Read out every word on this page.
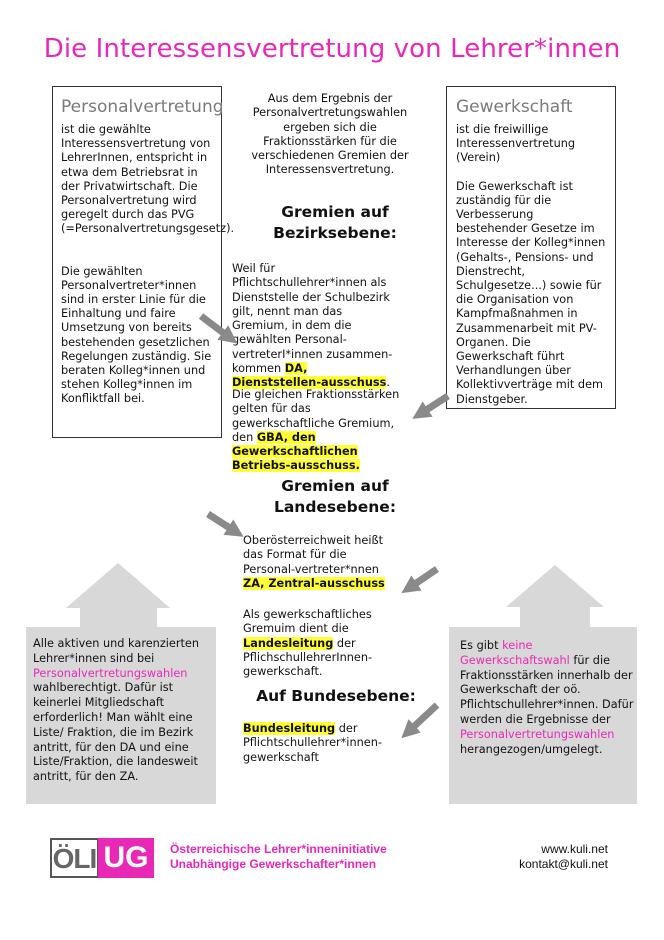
Die Interessensvertretung von Lehrer*innen
Personalvertretung

ist die gewählte Interessensvertretung von LehrerInnen, entspricht in etwa dem Betriebsrat in der Privatwirtschaft. Die Personalvertretung wird geregelt durch das PVG (=Personalvertretungsgesetz).

Die gewählten Personalvertreter*innen sind in erster Linie für die Einhaltung und faire Umsetzung von bereits bestehenden gesetzlichen Regelungen zuständig. Sie beraten Kolleg*innen und stehen Kolleg*innen im Konfliktfall bei.

Gewerkschaft

ist die freiwillige Interessenvertretung (Verein)

Die Gewerkschaft ist zuständig für die Verbesserung bestehender Gesetze im Interesse der Kolleg*innen (Gehalts-, Pensions- und Dienstrecht, Schulgesetze...) sowie für die Organisation von Kampfmaßnahmen in Zusammenarbeit mit PV-Organen. Die Gewerkschaft führt Verhandlungen über Kollektivverträge mit dem Dienstgeber.

Aus dem Ergebnis der Personalvertretungswahlen ergeben sich die Fraktionsstärken für die verschiedenen Gremien der Interessensvertretung.
Gremien auf Bezirksebene:
Weil für Pflichtschullehrer*innen als Dienststelle der Schulbezirk gilt, nennt man das Gremium, in dem die gewählten Personal-vertreterI*innen zusammen-kommen DA, Dienststellen-ausschuss.
Die gleichen Fraktionsstärken gelten für das gewerkschaftliche Gremium, den GBA, den Gewerkschaftlichen Betriebs-ausschuss.
Gremien auf Landesebene:
Oberösterreichweit heißt das Format für die Personal-vertreter*nnen ZA, Zentral-ausschuss
Als gewerkschaftliches Gremuim dient die Landesleitung der PflichschullehrerInnen-gewerkschaft.
Auf Bundesebene:
Bundesleitung der Pflichtschullehrer*innen-gewerkschaft
Alle aktiven und karenzierten Lehrer*innen sind bei Personalvertretungswahlen wahlberechtigt. Dafür ist keinerlei Mitgliedschaft erforderlich! Man wählt eine Liste/ Fraktion, die im Bezirk antritt, für den DA und eine Liste/Fraktion, die landesweit antritt, für den ZA.
Es gibt keine Gewerkschaftswahl für die Fraktionsstärken innerhalb der Gewerkschaft der oö. Pflichtschullehrer*innen. Dafür werden die Ergebnisse der Personalvertretungswahlen herangezogen/umgelegt.
ÖLI UG	Österreichische Lehrer*inneninitiative
Unabhängige Gewerkschafter*innen
www.kuli.net
kontakt@kuli.net
